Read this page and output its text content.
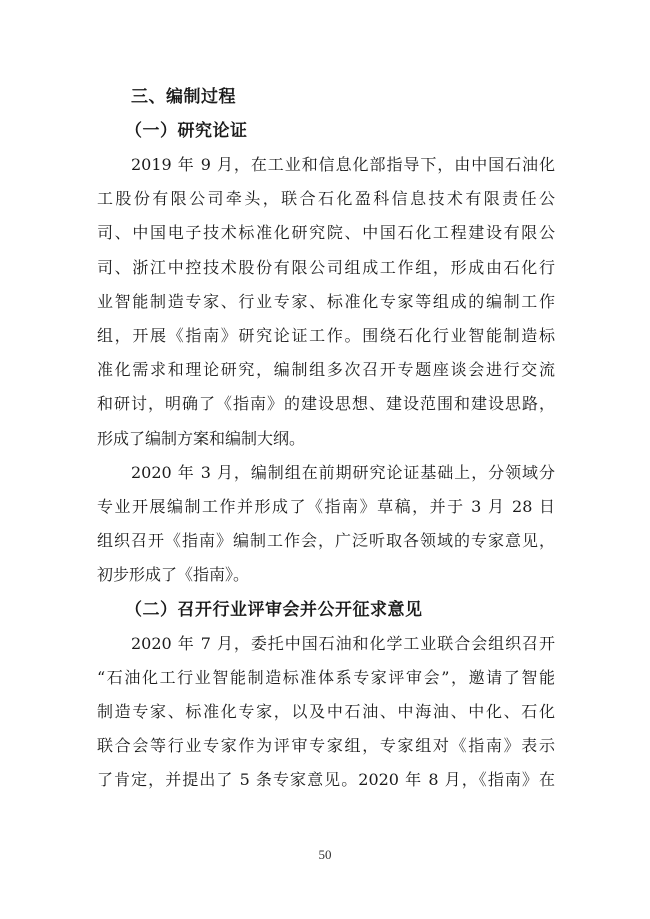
三、编制过程
（一）研究论证

2019 年 9 月，在工业和信息化部指导下，由中国石油化
工股份有限公司牵头，联合石化盈科信息技术有限责任公
司、中国电子技术标准化研究院、中国石化工程建设有限公
司、浙江中控技术股份有限公司组成工作组，形成由石化行
业智能制造专家、行业专家、标准化专家等组成的编制工作
组，开展《指南》研究论证工作。围绕石化行业智能制造标
准化需求和理论研究，编制组多次召开专题座谈会进行交流
和研讨，明确了《指南》的建设思想、建设范围和建设思路，
形成了编制方案和编制大纲。

2020 年 3 月，编制组在前期研究论证基础上，分领域分
专业开展编制工作并形成了《指南》草稿，并于 3 月 28 日
组织召开《指南》编制工作会，广泛听取各领域的专家意见，
初步形成了《指南》。

（二）召开行业评审会并公开征求意见

2020 年 7 月，委托中国石油和化学工业联合会组织召开
“石油化工行业智能制造标准体系专家评审会”，邀请了智能
制造专家、标准化专家，以及中石油、中海油、中化、石化
联合会等行业专家作为评审专家组，专家组对《指南》表示
了肯定，并提出了 5 条专家意见。2020 年 8 月，《指南》在

50
